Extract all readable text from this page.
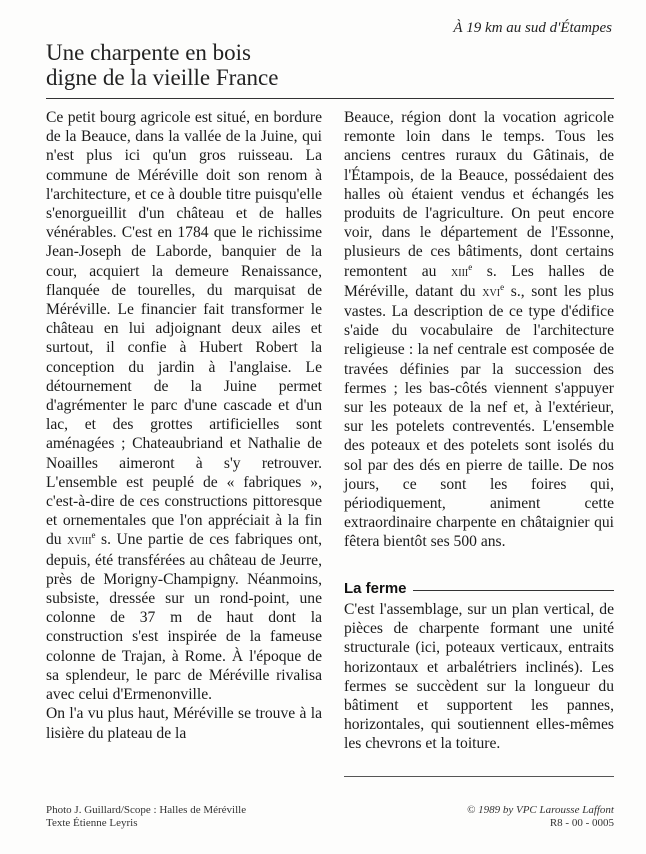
À 19 km au sud d'Étampes
Une charpente en bois
digne de la vieille France

Ce petit bourg agricole est situé, en bordure de la Beauce, dans la vallée de la Juine, qui n'est plus ici qu'un gros ruisseau. La commune de Méréville doit son renom à l'architecture, et ce à double titre puisqu'elle s'enorgueillit d'un château et de halles vénérables. C'est en 1784 que le richissime Jean-Joseph de Laborde, banquier de la cour, acquiert la demeure Renaissance, flanquée de tourelles, du marquisat de Méréville. Le financier fait transformer le château en lui adjoignant deux ailes et surtout, il confie à Hubert Robert la conception du jardin à l'anglaise. Le détournement de la Juine permet d'agrémenter le parc d'une cascade et d'un lac, et des grottes artificielles sont aménagées ; Chateaubriand et Nathalie de Noailles aimeront à s'y retrouver. L'ensemble est peuplé de « fabriques », c'est-à-dire de ces constructions pittoresque et ornementales que l'on appréciait à la fin du xviii$^e$ s. Une partie de ces fabriques ont, depuis, été transférées au château de Jeurre, près de Morigny-Champigny. Néanmoins, subsiste, dressée sur un rond-point, une colonne de 37 m de haut dont la construction s'est inspirée de la fameuse colonne de Trajan, à Rome. À l'époque de sa splendeur, le parc de Méréville rivalisa avec celui d'Ermenonville.

On l'a vu plus haut, Méréville se trouve à la lisière du plateau de la

Beauce, région dont la vocation agricole remonte loin dans le temps. Tous les anciens centres ruraux du Gâtinais, de l'Étampois, de la Beauce, possédaient des halles où étaient vendus et échangés les produits de l'agriculture. On peut encore voir, dans le département de l'Essonne, plusieurs de ces bâtiments, dont certains remontent au xiii$^e$ s. Les halles de Méréville, datant du xvi$^e$ s., sont les plus vastes. La description de ce type d'édifice s'aide du vocabulaire de l'architecture religieuse : la nef centrale est composée de travées définies par la succession des fermes ; les bas-côtés viennent s'appuyer sur les poteaux de la nef et, à l'extérieur, sur les potelets contreventés. L'ensemble des poteaux et des potelets sont isolés du sol par des dés en pierre de taille. De nos jours, ce sont les foires qui, périodiquement, animent cette extraordinaire charpente en châtaignier qui fêtera bientôt ses 500 ans.

La ferme

C'est l'assemblage, sur un plan vertical, de pièces de charpente formant une unité structurale (ici, poteaux verticaux, entraits horizontaux et arbalétriers inclinés). Les fermes se succèdent sur la longueur du bâtiment et supportent les pannes, horizontales, qui soutiennent elles-mêmes les chevrons et la toiture.

Photo J. Guillard/Scope : Halles de Méréville
Texte Étienne Leyris
© 1989 by VPC Larousse Laffont
R8 - 00 - 0005
